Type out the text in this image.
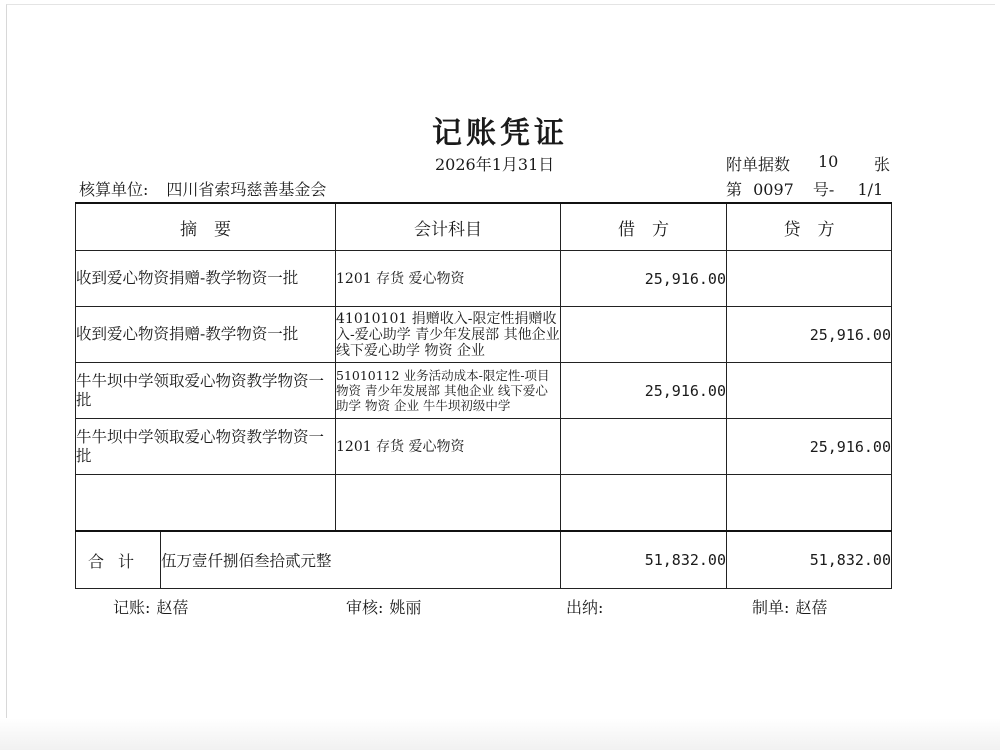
记账凭证
2026年1月31日	附单据数 10 张
核算单位: 四川省索玛慈善基金会	第 0097 号- 1/1
摘　要		会计科目	借　方	贷　方
收到爱心物资捐赠-教学物资一批		1201 存货 爱心物资	25,916.00	
收到爱心物资捐赠-教学物资一批		41010101 捐赠收入-限定性捐赠收入-爱心助学 青少年发展部 其他企业 线下爱心助学 物资 企业		25,916.00
牛牛坝中学领取爱心物资教学物资一批		51010112 业务活动成本-限定性-项目物资 青少年发展部 其他企业 线下爱心助学 物资 企业 牛牛坝初级中学	25,916.00	
牛牛坝中学领取爱心物资教学物资一批		1201 存货 爱心物资		25,916.00

合计	伍万壹仟捌佰叁拾贰元整		51,832.00	51,832.00
记账: 赵蓓	审核: 姚丽	出纳:	制单: 赵蓓
